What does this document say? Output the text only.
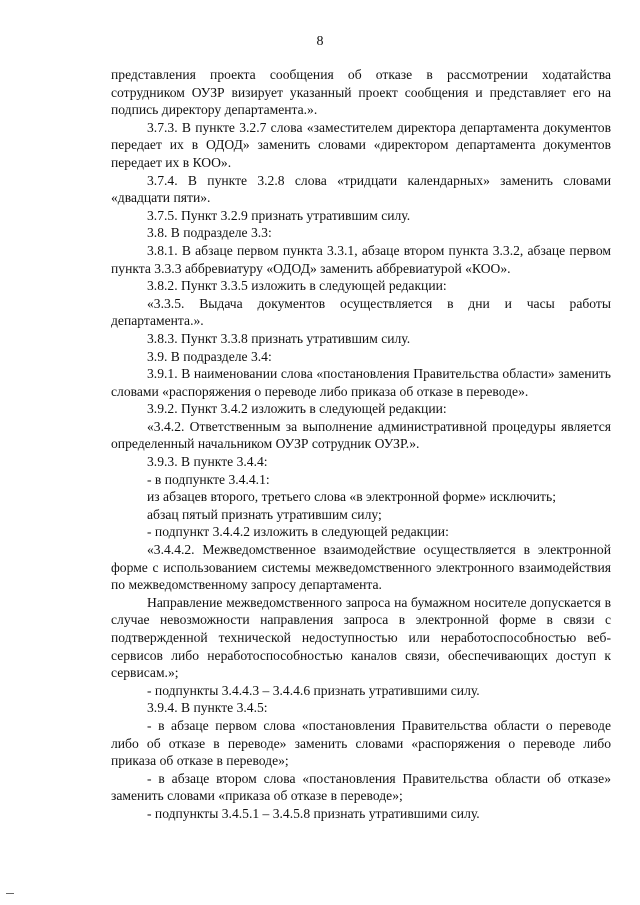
8

представления проекта сообщения об отказе в рассмотрении ходатайства сотрудником ОУЗР визирует указанный проект сообщения и представляет его на подпись директору департамента.».

3.7.3. В пункте 3.2.7 слова «заместителем директора департамента документов передает их в ОДОД» заменить словами «директором департамента документов передает их в КОО».

3.7.4. В пункте 3.2.8 слова «тридцати календарных» заменить словами «двадцати пяти».

3.7.5. Пункт 3.2.9 признать утратившим силу.

3.8. В подразделе 3.3:

3.8.1. В абзаце первом пункта 3.3.1, абзаце втором пункта 3.3.2, абзаце первом пункта 3.3.3 аббревиатуру «ОДОД» заменить аббревиатурой «КОО».

3.8.2. Пункт 3.3.5 изложить в следующей редакции:

«3.3.5. Выдача документов осуществляется в дни и часы работы департамента.».

3.8.3. Пункт 3.3.8 признать утратившим силу.

3.9. В подразделе 3.4:

3.9.1. В наименовании слова «постановления Правительства области» заменить словами «распоряжения о переводе либо приказа об отказе в переводе».

3.9.2. Пункт 3.4.2 изложить в следующей редакции:

«3.4.2. Ответственным за выполнение административной процедуры является определенный начальником ОУЗР сотрудник ОУЗР.».

3.9.3. В пункте 3.4.4:

- в подпункте 3.4.4.1:

из абзацев второго, третьего слова «в электронной форме» исключить;

абзац пятый признать утратившим силу;

- подпункт 3.4.4.2 изложить в следующей редакции:

«3.4.4.2. Межведомственное взаимодействие осуществляется в электронной форме с использованием системы межведомственного электронного взаимодействия по межведомственному запросу департамента.

Направление межведомственного запроса на бумажном носителе допускается в случае невозможности направления запроса в электронной форме в связи с подтвержденной технической недоступностью или неработоспособностью веб-сервисов либо неработоспособностью каналов связи, обеспечивающих доступ к сервисам.»;

- подпункты 3.4.4.3 – 3.4.4.6 признать утратившими силу.

3.9.4. В пункте 3.4.5:

- в абзаце первом слова «постановления Правительства области о переводе либо об отказе в переводе» заменить словами «распоряжения о переводе либо приказа об отказе в переводе»;

- в абзаце втором слова «постановления Правительства области об отказе» заменить словами «приказа об отказе в переводе»;

- подпункты 3.4.5.1 – 3.4.5.8 признать утратившими силу.
